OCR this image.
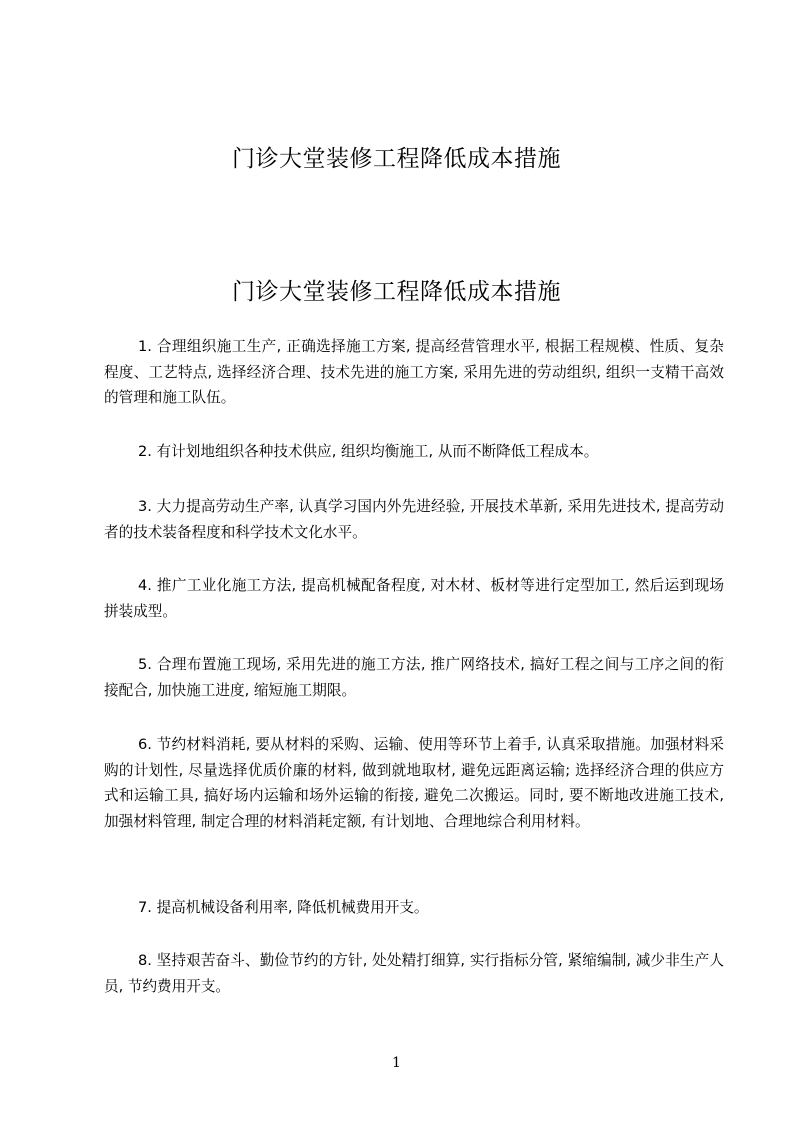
门诊大堂装修工程降低成本措施
门诊大堂装修工程降低成本措施
1. 合理组织施工生产, 正确选择施工方案, 提高经营管理水平, 根据工程规模、性质、复杂程度、工艺特点, 选择经济合理、技术先进的施工方案, 采用先进的劳动组织, 组织一支精干高效的管理和施工队伍。
2. 有计划地组织各种技术供应, 组织均衡施工, 从而不断降低工程成本。
3. 大力提高劳动生产率, 认真学习国内外先进经验, 开展技术革新, 采用先进技术, 提高劳动者的技术装备程度和科学技术文化水平。
4. 推广工业化施工方法, 提高机械配备程度, 对木材、板材等进行定型加工, 然后运到现场拼装成型。
5. 合理布置施工现场, 采用先进的施工方法, 推广网络技术, 搞好工程之间与工序之间的衔接配合, 加快施工进度, 缩短施工期限。
6. 节约材料消耗, 要从材料的采购、运输、使用等环节上着手, 认真采取措施。加强材料采购的计划性, 尽量选择优质价廉的材料, 做到就地取材, 避免远距离运输; 选择经济合理的供应方式和运输工具, 搞好场内运输和场外运输的衔接, 避免二次搬运。同时, 要不断地改进施工技术, 加强材料管理, 制定合理的材料消耗定额, 有计划地、合理地综合利用材料。
7. 提高机械设备利用率, 降低机械费用开支。
8. 坚持艰苦奋斗、勤俭节约的方针, 处处精打细算, 实行指标分管, 紧缩编制, 减少非生产人员, 节约费用开支。
1
